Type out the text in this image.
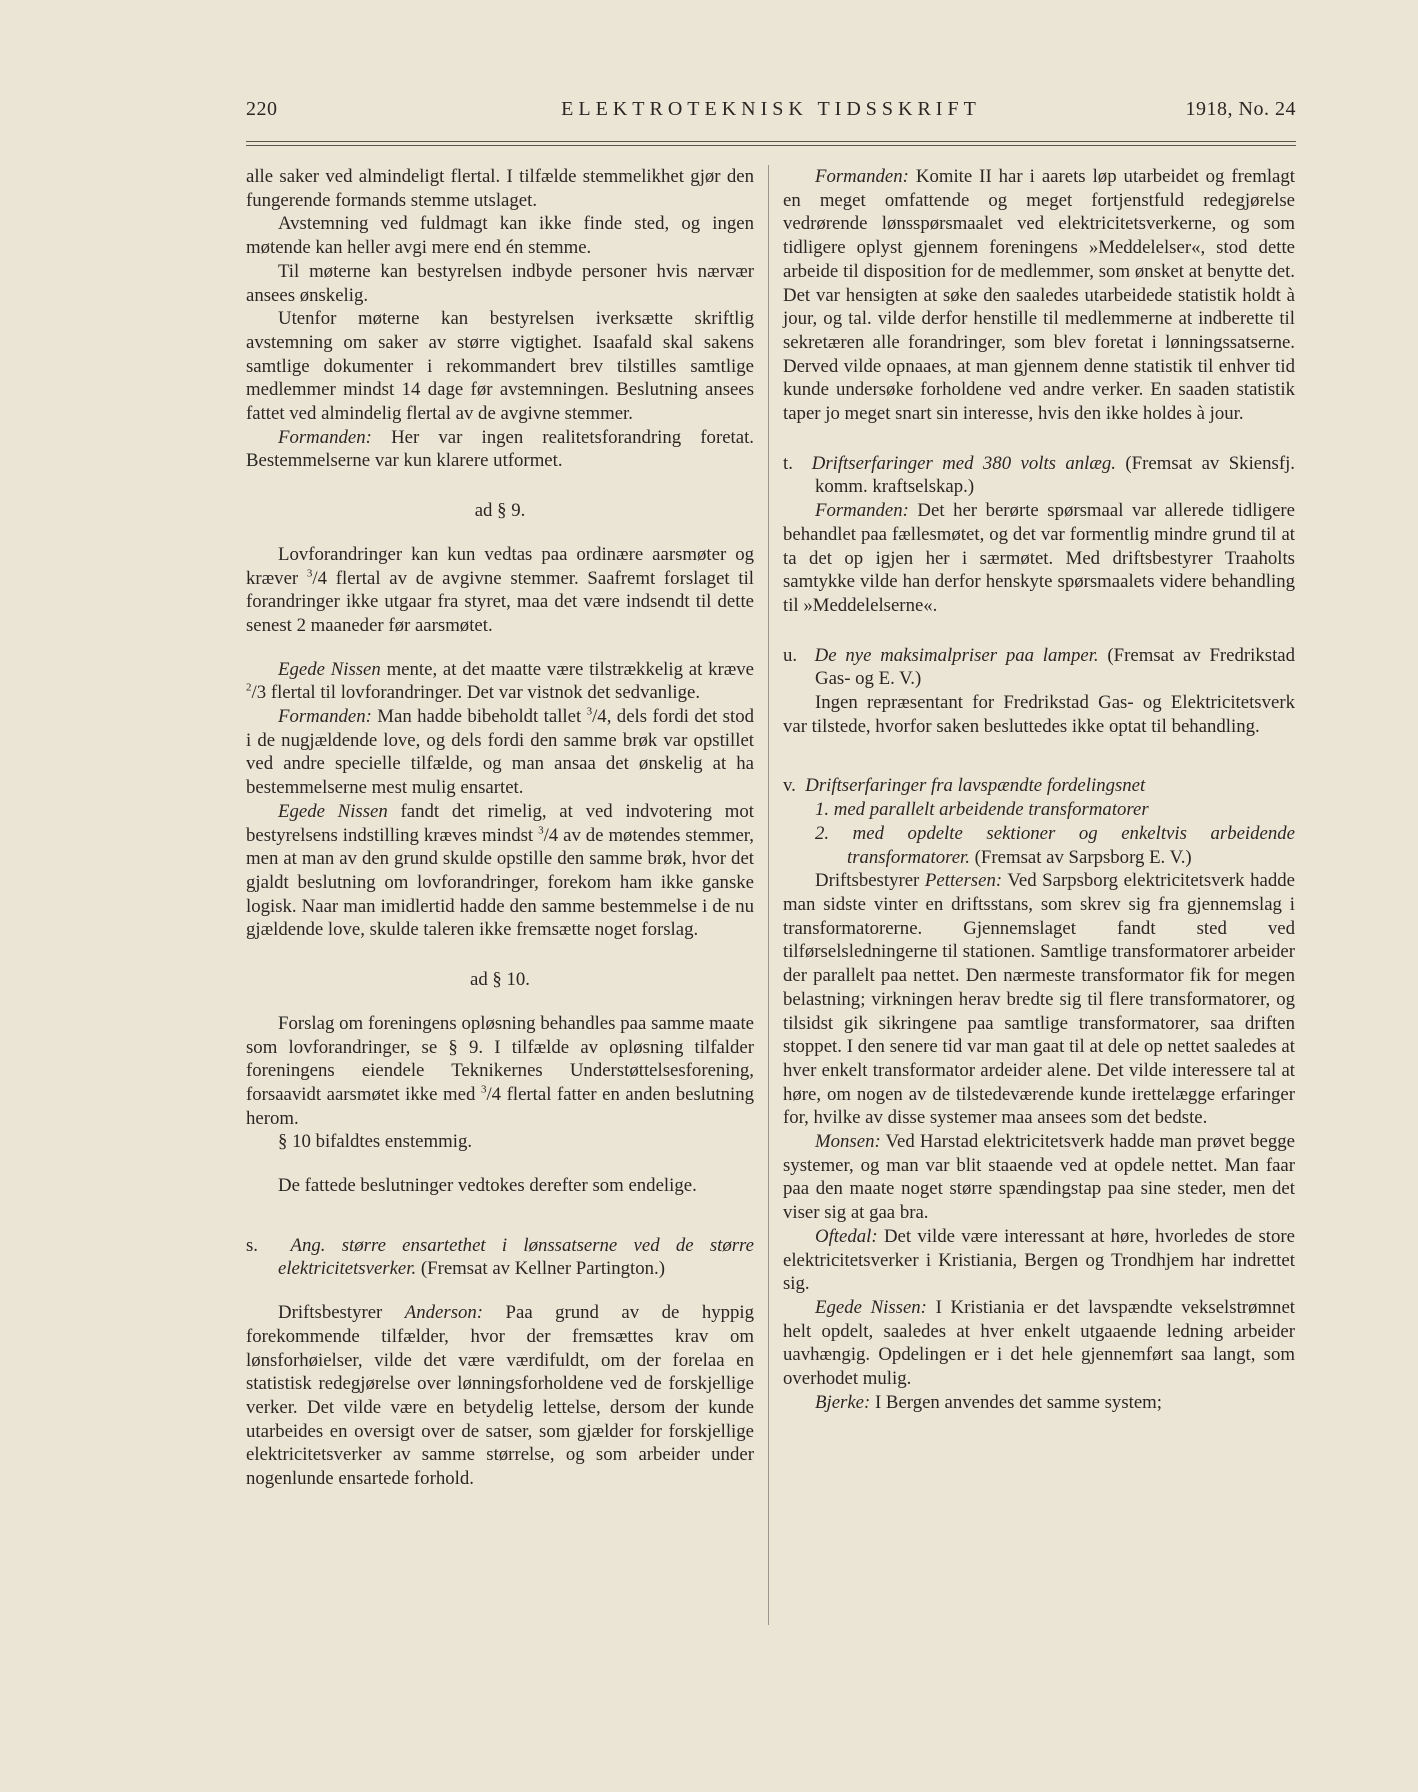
220	ELEKTROTEKNISK TIDSSKRIFT	1918, No. 24

alle saker ved almindeligt flertal. I tilfælde stemmelikhet gjør den fungerende formands stemme utslaget.

Avstemning ved fuldmagt kan ikke finde sted, og ingen møtende kan heller avgi mere end én stemme.

Til møterne kan bestyrelsen indbyde personer hvis nærvær ansees ønskelig.

Utenfor møterne kan bestyrelsen iverksætte skriftlig avstemning om saker av større vigtighet. Isaafald skal sakens samtlige dokumenter i rekommandert brev tilstilles samtlige medlemmer mindst 14 dage før avstemningen. Beslutning ansees fattet ved almindelig flertal av de avgivne stemmer.

Formanden: Her var ingen realitetsforandring foretat. Bestemmelserne var kun klarere utformet.

ad § 9.

Lovforandringer kan kun vedtas paa ordinære aarsmøter og kræver $^3$/4 flertal av de avgivne stemmer. Saafremt forslaget til forandringer ikke utgaar fra styret, maa det være indsendt til dette senest 2 maaneder før aarsmøtet.

Egede Nissen mente, at det maatte være tilstrækkelig at kræve $^2$/3 flertal til lovforandringer. Det var vistnok det sedvanlige.

Formanden: Man hadde bibeholdt tallet $^3$/4, dels fordi det stod i de nugjældende love, og dels fordi den samme brøk var opstillet ved andre specielle tilfælde, og man ansaa det ønskelig at ha bestemmelserne mest mulig ensartet.

Egede Nissen fandt det rimelig, at ved indvotering mot bestyrelsens indstilling kræves mindst $^3$/4 av de møtendes stemmer, men at man av den grund skulde opstille den samme brøk, hvor det gjaldt beslutning om lovforandringer, forekom ham ikke ganske logisk. Naar man imidlertid hadde den samme bestemmelse i de nu gjældende love, skulde taleren ikke fremsætte noget forslag.

ad § 10.

Forslag om foreningens opløsning behandles paa samme maate som lovforandringer, se § 9. I tilfælde av opløsning tilfalder foreningens eiendele Teknikernes Understøttelsesforening, forsaavidt aarsmøtet ikke med $^3$/4 flertal fatter en anden beslutning herom.

§ 10 bifaldtes enstemmig.

De fattede beslutninger vedtokes derefter som endelige.

s. Ang. større ensartethet i lønssatserne ved de større elektricitetsverker. (Fremsat av Kellner Partington.)

Driftsbestyrer Anderson: Paa grund av de hyppig forekommende tilfælder, hvor der fremsættes krav om lønsforhøielser, vilde det være værdifuldt, om der forelaa en statistisk redegjørelse over lønningsforholdene ved de forskjellige verker. Det vilde være en betydelig lettelse, dersom der kunde utarbeides en oversigt over de satser, som gjælder for forskjellige elektricitetsverker av samme størrelse, og som arbeider under nogenlunde ensartede forhold.

Formanden: Komite II har i aarets løp utarbeidet og fremlagt en meget omfattende og meget fortjenstfuld redegjørelse vedrørende lønsspørsmaalet ved elektricitetsverkerne, og som tidligere oplyst gjennem foreningens »Meddelelser«, stod dette arbeide til disposition for de medlemmer, som ønsket at benytte det. Det var hensigten at søke den saaledes utarbeidede statistik holdt à jour, og tal. vilde derfor henstille til medlemmerne at indberette til sekretæren alle forandringer, som blev foretat i lønningssatserne. Derved vilde opnaaes, at man gjennem denne statistik til enhver tid kunde undersøke forholdene ved andre verker. En saaden statistik taper jo meget snart sin interesse, hvis den ikke holdes à jour.

t. Driftserfaringer med 380 volts anlæg. (Fremsat av Skiensfj. komm. kraftselskap.)

Formanden: Det her berørte spørsmaal var allerede tidligere behandlet paa fællesmøtet, og det var formentlig mindre grund til at ta det op igjen her i særmøtet. Med driftsbestyrer Traaholts samtykke vilde han derfor henskyte spørsmaalets videre behandling til »Meddelelserne«.

u. De nye maksimalpriser paa lamper. (Fremsat av Fredrikstad Gas- og E. V.)

Ingen repræsentant for Fredrikstad Gas- og Elektricitetsverk var tilstede, hvorfor saken besluttedes ikke optat til behandling.

v. Driftserfaringer fra lavspændte fordelingsnet

1. med parallelt arbeidende transformatorer

2. med opdelte sektioner og enkeltvis arbeidende transformatorer. (Fremsat av Sarpsborg E. V.)

Driftsbestyrer Pettersen: Ved Sarpsborg elektricitetsverk hadde man sidste vinter en driftsstans, som skrev sig fra gjennemslag i transformatorerne. Gjennemslaget fandt sted ved tilførselsledningerne til stationen. Samtlige transformatorer arbeider der parallelt paa nettet. Den nærmeste transformator fik for megen belastning; virkningen herav bredte sig til flere transformatorer, og tilsidst gik sikringene paa samtlige transformatorer, saa driften stoppet. I den senere tid var man gaat til at dele op nettet saaledes at hver enkelt transformator ardeider alene. Det vilde interessere tal at høre, om nogen av de tilstedeværende kunde irettelægge erfaringer for, hvilke av disse systemer maa ansees som det bedste.

Monsen: Ved Harstad elektricitetsverk hadde man prøvet begge systemer, og man var blit staaende ved at opdele nettet. Man faar paa den maate noget større spændingstap paa sine steder, men det viser sig at gaa bra.

Oftedal: Det vilde være interessant at høre, hvorledes de store elektricitetsverker i Kristiania, Bergen og Trondhjem har indrettet sig.

Egede Nissen: I Kristiania er det lavspændte vekselstrømnet helt opdelt, saaledes at hver enkelt utgaaende ledning arbeider uavhængig. Opdelingen er i det hele gjennemført saa langt, som overhodet mulig.

Bjerke: I Bergen anvendes det samme system;
